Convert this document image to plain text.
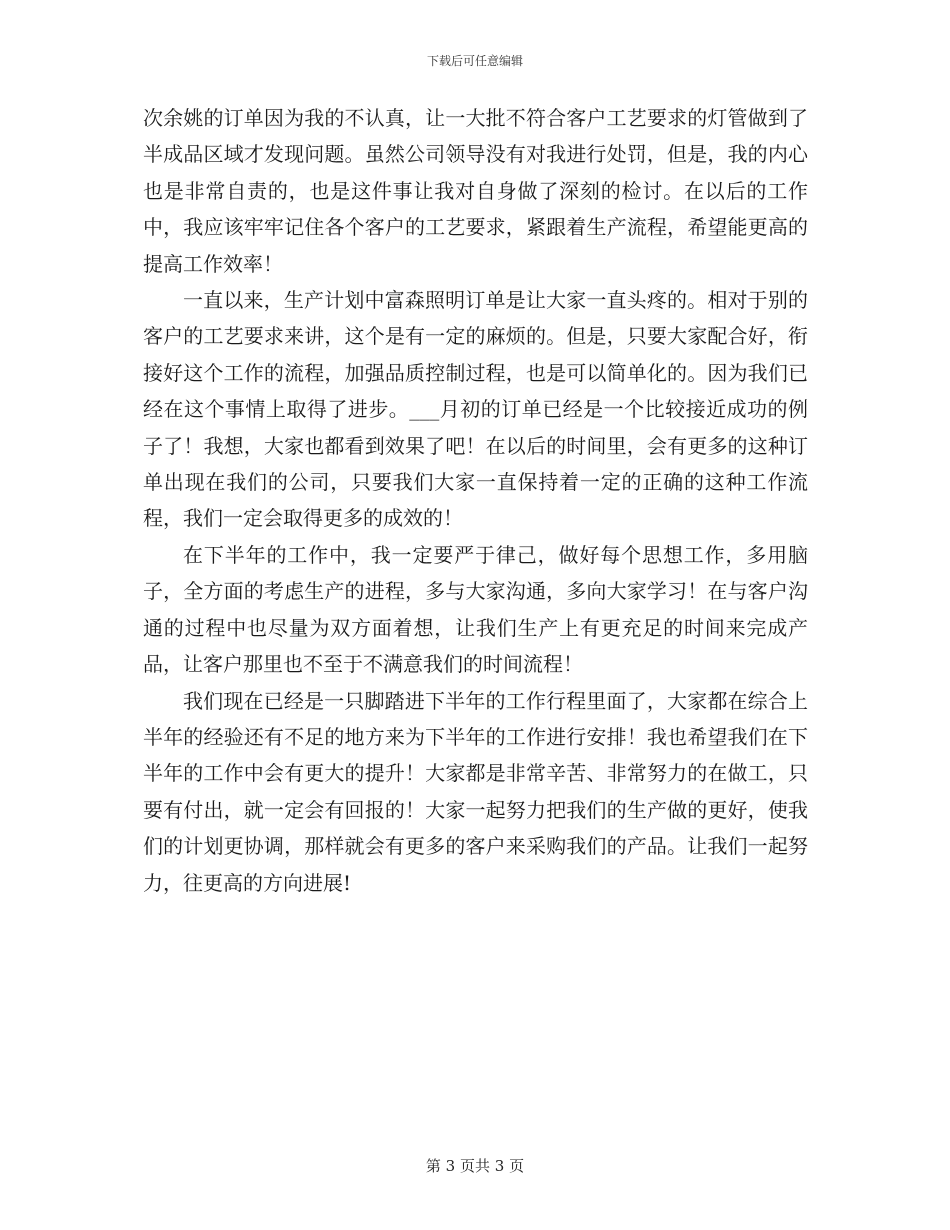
下载后可任意编辑

次余姚的订单因为我的不认真，让一大批不符合客户工艺要求的灯管做到了半成品区域才发现问题。虽然公司领导没有对我进行处罚，但是，我的内心也是非常自责的，也是这件事让我对自身做了深刻的检讨。在以后的工作中，我应该牢牢记住各个客户的工艺要求，紧跟着生产流程，希望能更高的提高工作效率！

一直以来，生产计划中富森照明订单是让大家一直头疼的。相对于别的客户的工艺要求来讲，这个是有一定的麻烦的。但是，只要大家配合好，衔接好这个工作的流程，加强品质控制过程，也是可以简单化的。因为我们已经在这个事情上取得了进步。___月初的订单已经是一个比较接近成功的例子了！我想，大家也都看到效果了吧！在以后的时间里，会有更多的这种订单出现在我们的公司，只要我们大家一直保持着一定的正确的这种工作流程，我们一定会取得更多的成效的！

在下半年的工作中，我一定要严于律己，做好每个思想工作，多用脑子，全方面的考虑生产的进程，多与大家沟通，多向大家学习！在与客户沟通的过程中也尽量为双方面着想，让我们生产上有更充足的时间来完成产品，让客户那里也不至于不满意我们的时间流程！

我们现在已经是一只脚踏进下半年的工作行程里面了，大家都在综合上半年的经验还有不足的地方来为下半年的工作进行安排！我也希望我们在下半年的工作中会有更大的提升！大家都是非常辛苦、非常努力的在做工，只要有付出，就一定会有回报的！大家一起努力把我们的生产做的更好，使我们的计划更协调，那样就会有更多的客户来采购我们的产品。让我们一起努力，往更高的方向进展!

第 3 页共 3 页
